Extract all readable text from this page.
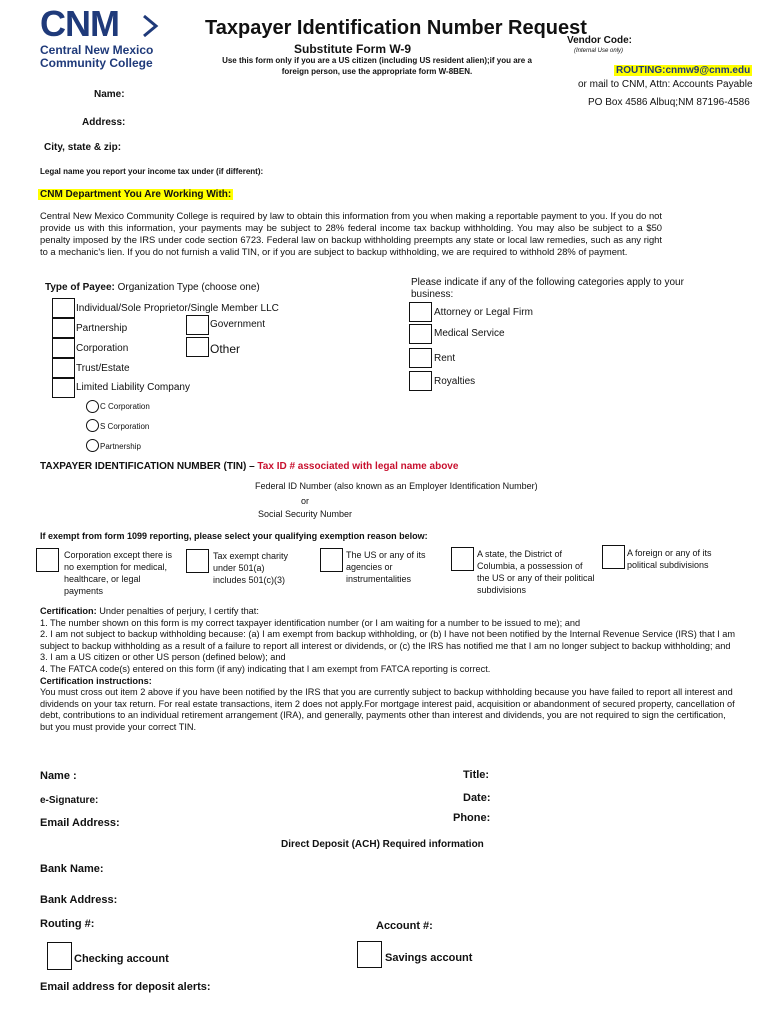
CNM
Central New Mexico
Community College
Taxpayer Identification Number Request
Substitute Form W-9
Use this form only if you are a US citizen (including US resident alien);if you are a foreign person, use the appropriate form W-8BEN.
Vendor Code:
(Internal Use only)
ROUTING:cnmw9@cnm.edu
or mail to CNM, Attn: Accounts Payable
PO Box 4586 Albuq;NM 87196-4586
Name:
Address:
City, state & zip:
Legal name you report your income tax under (if different):
CNM Department You Are Working With:
Central New Mexico Community College is required by law to obtain this information from you when making a reportable payment to you. If you do not provide us with this information, your payments may be subject to 28% federal income tax backup withholding. You may also be subject to a $50 penalty imposed by the IRS under code section 6723. Federal law on backup withholding preempts any state or local law remedies, such as any right to a mechanic's lien. If you do not furnish a valid TIN, or if you are subject to backup withholding, we are required to withhold 28% of payment.
Type of Payee: Organization Type (choose one)
Individual/Sole Proprietor/Single Member LLC
Partnership	Government
Corporation	Other
Trust/Estate
Limited Liability Company
C Corporation
S Corporation
Partnership
Please indicate if any of the following categories apply to your business:
Attorney or Legal Firm
Medical Service
Rent
Royalties
TAXPAYER IDENTIFICATION NUMBER (TIN) – Tax ID # associated with legal name above
Federal ID Number (also known as an Employer Identification Number)
or
Social Security Number
If exempt from form 1099 reporting, please select your qualifying exemption reason below:
Corporation except there is no exemption for medical, healthcare, or legal payments
Tax exempt charity under 501(a) includes 501(c)(3)
The US or any of its agencies or instrumentalities
A state, the District of Columbia, a possession of the US or any of their political subdivisions
A foreign or any of its political subdivisions

Certification: Under penalties of perjury, I certify that:

1. The number shown on this form is my correct taxpayer identification number (or I am waiting for a number to be issued to me); and

2. I am not subject to backup withholding because: (a) I am exempt from backup withholding, or (b) I have not been notified by the Internal Revenue Service (IRS) that I am subject to backup withholding as a result of a failure to report all interest or dividends, or (c) the IRS has notified me that I am no longer subject to backup withholding; and

3. I am a US citizen or other US person (defined below); and

4. The FATCA code(s) entered on this form (if any) indicating that I am exempt from FATCA reporting is correct.

Certification instructions:

You must cross out item 2 above if you have been notified by the IRS that you are currently subject to backup withholding because you have failed to report all interest and dividends on your tax return. For real estate transactions, item 2 does not apply.For mortgage interest paid, acquisition or abandonment of secured property, cancellation of debt, contributions to an individual retirement arrangement (IRA), and generally, payments other than interest and dividends, you are not required to sign the certification, but you must provide your correct TIN.

Name :	Title:
e-Signature:	Date:
Phone:
Email Address:
Direct Deposit (ACH) Required information
Bank Name:
Bank Address:
Routing #:	Account #:
Checking account	Savings account
Email address for deposit alerts:
